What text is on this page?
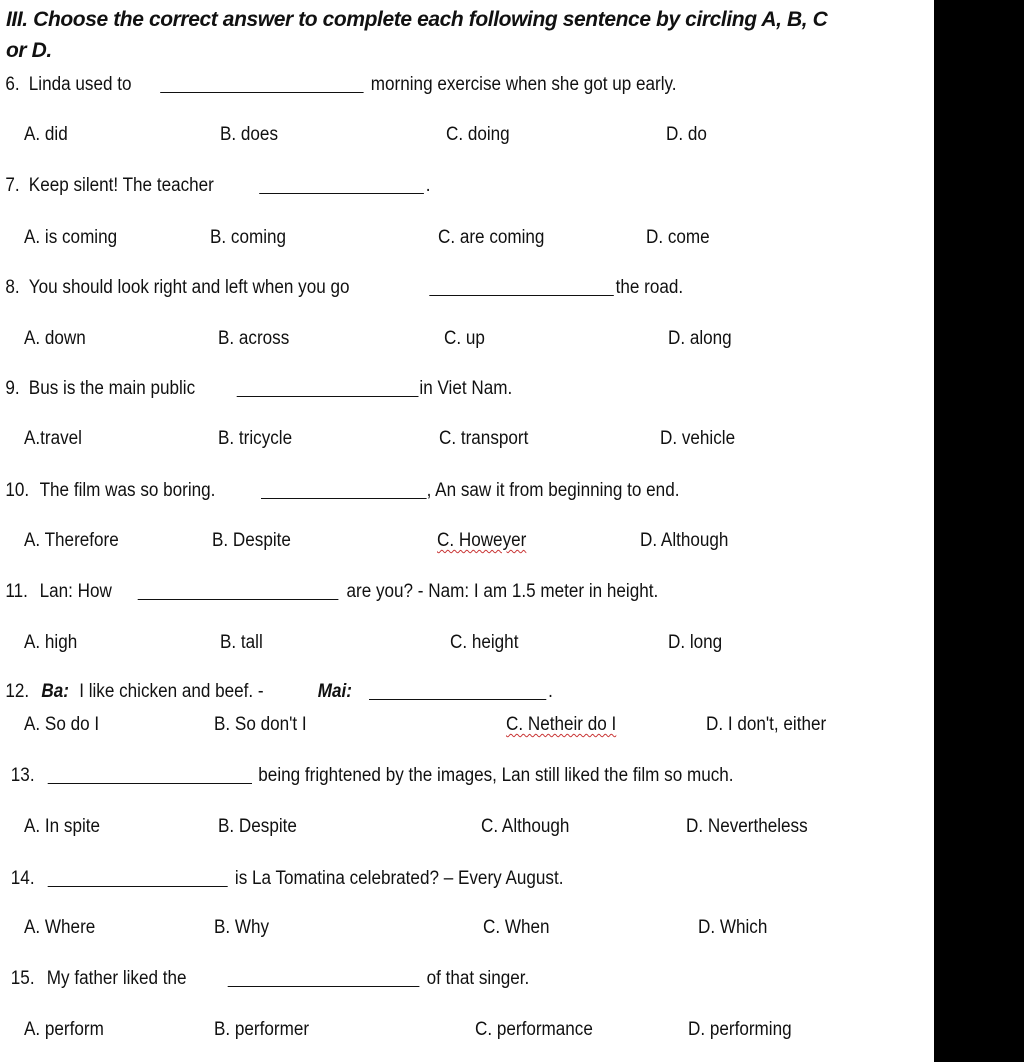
III. Choose the correct answer to complete each following sentence by circling A, B, C
or D.
6. Linda used to	morning exercise when she got up early.
A. did	B. does	C. doing	D. do
7. Keep silent! The teacher	.
A. is coming	B. coming	C. are coming	D. come
8. You should look right and left when you go	the road.
A. down	B. across	C. up	D. along
9. Bus is the main public	in Viet Nam.
A.travel	B. tricycle	C. transport	D. vehicle
10. The film was so boring.	, An saw it from beginning to end.
A. Therefore	B. Despite	C. Howeyer	D. Although
11. Lan: How	are you? - Nam: I am 1.5 meter in height.
A. high	B. tall	C. height	D. long
12. Ba: I like chicken and beef. -	Mai:	.
A. So do I	B. So don't I	C. Netheir do I	D. I don't, either
13.	being frightened by the images, Lan still liked the film so much.
A. In spite	B. Despite	C. Although	D. Nevertheless
14.	is La Tomatina celebrated? – Every August.
A. Where	B. Why	C. When	D. Which
15. My father liked the	of that singer.
A. perform	B. performer	C. performance	D. performing
